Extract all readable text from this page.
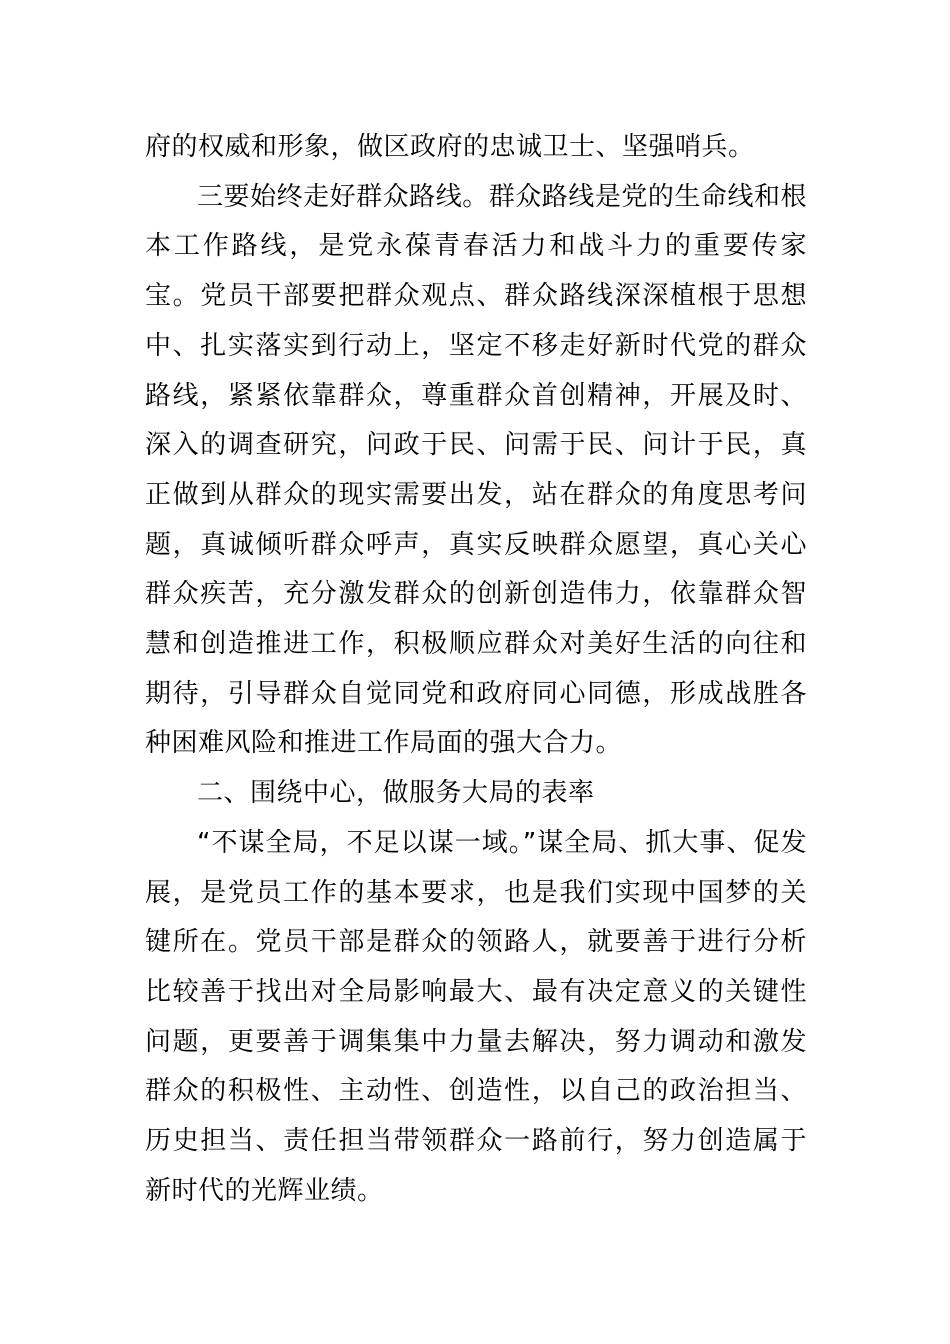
府的权威和形象，做区政府的忠诚卫士、坚强哨兵。

三要始终走好群众路线。群众路线是党的生命线和根本工作路线，是党永葆青春活力和战斗力的重要传家宝。党员干部要把群众观点、群众路线深深植根于思想中、扎实落实到行动上，坚定不移走好新时代党的群众路线，紧紧依靠群众，尊重群众首创精神，开展及时、深入的调查研究，问政于民、问需于民、问计于民，真正做到从群众的现实需要出发，站在群众的角度思考问题，真诚倾听群众呼声，真实反映群众愿望，真心关心群众疾苦，充分激发群众的创新创造伟力，依靠群众智慧和创造推进工作，积极顺应群众对美好生活的向往和期待，引导群众自觉同党和政府同心同德，形成战胜各种困难风险和推进工作局面的强大合力。

二、围绕中心，做服务大局的表率

“不谋全局，不足以谋一域。”谋全局、抓大事、促发展，是党员工作的基本要求，也是我们实现中国梦的关键所在。党员干部是群众的领路人，就要善于进行分析比较善于找出对全局影响最大、最有决定意义的关键性问题，更要善于调集集中力量去解决，努力调动和激发群众的积极性、主动性、创造性，以自己的政治担当、历史担当、责任担当带领群众一路前行，努力创造属于新时代的光辉业绩。
